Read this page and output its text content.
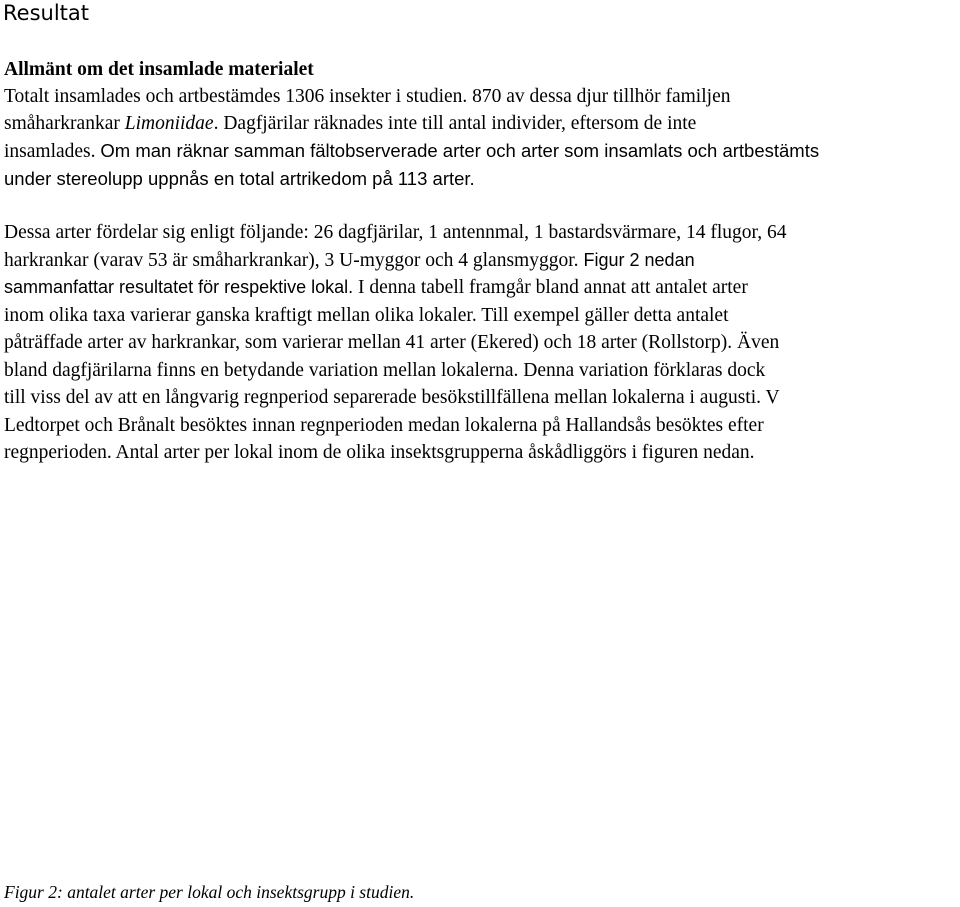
Resultat
Allmänt om det insamlade materialet
Totalt insamlades och artbestämdes 1306 insekter i studien. 870 av dessa djur tillhör familjen
småharkrankar Limoniidae. Dagfjärilar räknades inte till antal individer, eftersom de inte
insamlades. Om man räknar samman fältobserverade arter och arter som insamlats och artbestämts
under stereolupp uppnås en total artrikedom på 113 arter.
Dessa arter fördelar sig enligt följande: 26 dagfjärilar, 1 antennmal, 1 bastardsvärmare, 14 flugor, 64
harkrankar (varav 53 är småharkrankar), 3 U-myggor och 4 glansmyggor. Figur 2 nedan
sammanfattar resultatet för respektive lokal. I denna tabell framgår bland annat att antalet arter
inom olika taxa varierar ganska kraftigt mellan olika lokaler. Till exempel gäller detta antalet
påträffade arter av harkrankar, som varierar mellan 41 arter (Ekered) och 18 arter (Rollstorp). Även
bland dagfjärilarna finns en betydande variation mellan lokalerna. Denna variation förklaras dock
till viss del av att en långvarig regnperiod separerade besökstillfällena mellan lokalerna i augusti. V
Ledtorpet och Brånalt besöktes innan regnperioden medan lokalerna på Hallandsås besöktes efter
regnperioden. Antal arter per lokal inom de olika insektsgrupperna åskådliggörs i figuren nedan.
Figur 2: antalet arter per lokal och insektsgrupp i studien.
